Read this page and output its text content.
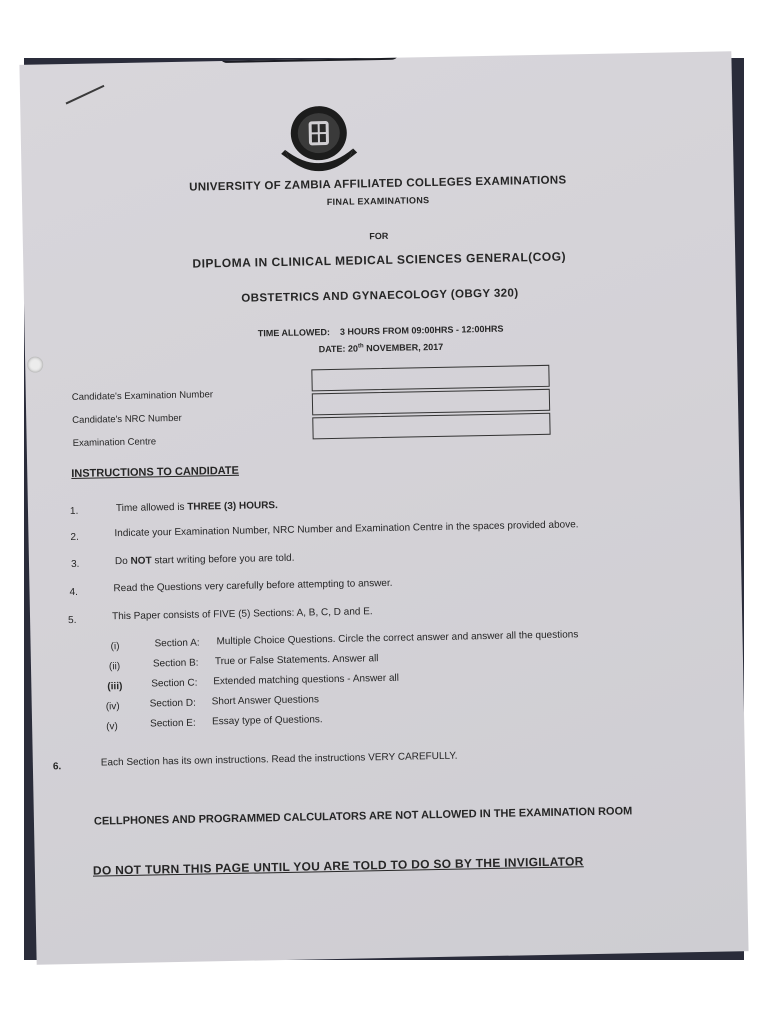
UNIVERSITY OF ZAMBIA AFFILIATED COLLEGES EXAMINATIONS
FINAL EXAMINATIONS
FOR
DIPLOMA IN CLINICAL MEDICAL SCIENCES GENERAL(COG)
OBSTETRICS AND GYNAECOLOGY (OBGY 320)
TIME ALLOWED: 3 HOURS FROM 09:00HRS - 12:00HRS
DATE: 20th NOVEMBER, 2017
Candidate's Examination Number
Candidate's NRC Number
Examination Centre
INSTRUCTIONS TO CANDIDATE
1.	Time allowed is THREE (3) HOURS.
2.	Indicate your Examination Number, NRC Number and Examination Centre in the spaces provided above.
3.	Do NOT start writing before you are told.
4.	Read the Questions very carefully before attempting to answer.
5.	This Paper consists of FIVE (5) Sections: A, B, C, D and E.
(i)	Section A: Multiple Choice Questions. Circle the correct answer and answer all the questions
(ii)	Section B: True or False Statements. Answer all
(iii)	Section C: Extended matching questions - Answer all
(iv)	Section D: Short Answer Questions
(v)	Section E: Essay type of Questions.
6.	Each Section has its own instructions. Read the instructions VERY CAREFULLY.
CELLPHONES AND PROGRAMMED CALCULATORS ARE NOT ALLOWED IN THE EXAMINATION ROOM
DO NOT TURN THIS PAGE UNTIL YOU ARE TOLD TO DO SO BY THE INVIGILATOR
